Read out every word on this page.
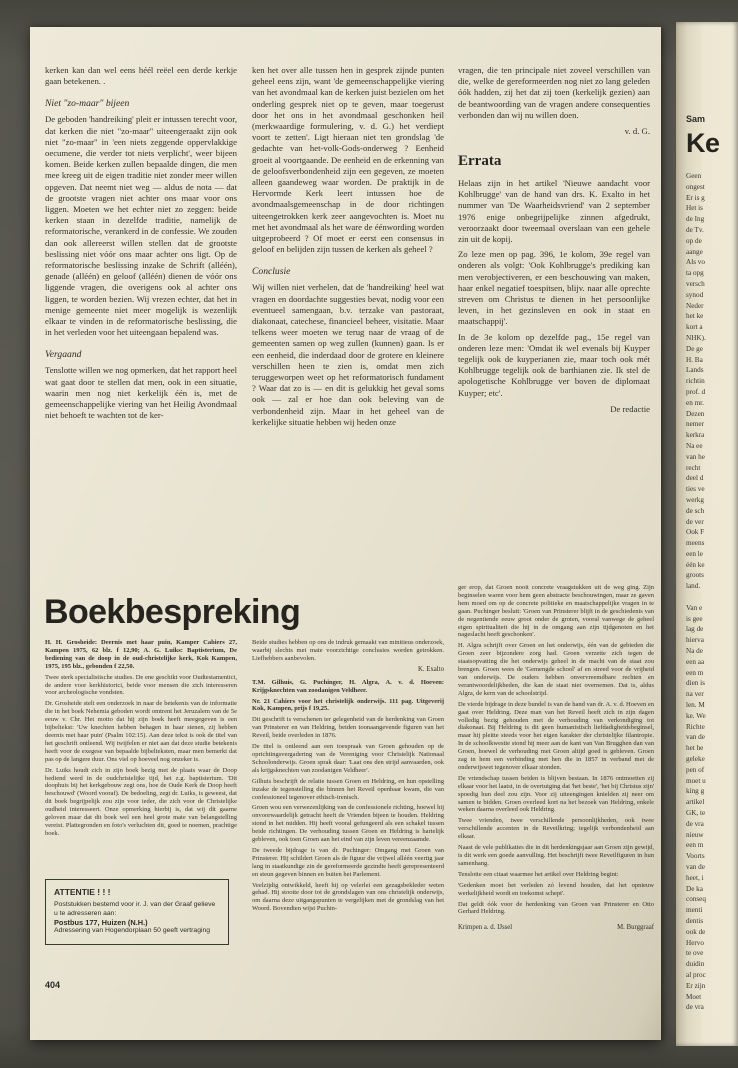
kerken kan dan wel eens héél reëel een derde kerkje gaan betekenen. .

Niet "zo-maar" bijeen

De geboden 'handreiking' pleit er intussen terecht voor, dat kerken die niet "zo-maar" uiteengeraakt zijn ook niet "zo-maar" in 'een niets zeggende oppervlakkige oecumene, die verder tot niets verplicht', weer bijeen komen. Beide kerken zullen bepaalde dingen, die men mee kreeg uit de eigen traditie niet zonder meer willen opgeven. Dat neemt niet weg — aldus de nota — dat de grootste vragen niet achter ons maar voor ons liggen. Moeten we het echter niet zo zeggen: beide kerken staan in dezelfde traditie, namelijk de reformatorische, verankerd in de confessie. We zouden dan ook allereerst willen stellen dat de grootste beslissing niet vóór ons maar achter ons ligt. Op de reformatorische beslissing inzake de Schrift (alléén), genade (alléén) en geloof (alléén) dienen de vóór ons liggende vragen, die overigens ook al achter ons liggen, te worden bezien. Wij vrezen echter, dat het in menige gemeente niet meer mogelijk is wezenlijk elkaar te vinden in de reformatorische beslissing, die in het verleden voor het uiteengaan bepalend was.

Vergaand

Tenslotte willen we nog opmerken, dat het rapport heel wat gaat door te stellen dat men, ook in een situatie, waarin men nog niet kerkelijk één is, met de gemeenschappelijke viering van het Heilig Avondmaal niet behoeft te wachten tot de ker-

ken het over alle tussen hen in gesprek zijnde punten geheel eens zijn, want 'de gemeenschappelijke viering van het avondmaal kan de kerken juist bezielen om het onderling gesprek niet op te geven, maar toegerust door het ons in het avondmaal geschonken heil (merkwaardige formulering, v. d. G.) het verdiept voort te zetten'. Ligt hieraan niet ten grondslag 'de gedachte van het-volk-Gods-onderweg ? Eenheid groeit al voortgaande. De eenheid en de erkenning van de geloofsverbondenheid zijn een gegeven, ze moeten alleen gaandeweg waar worden. De praktijk in de Hervormde Kerk leert intussen hoe de avondmaalsgemeenschap in de door richtingen uiteengetrokken kerk zeer aangevochten is. Moet nu met het avondmaal als het ware de éénwording worden uitgeprobeerd ? Of moet er eerst een consensus in geloof en belijden zijn tussen de kerken als geheel ?

Conclusie

Wij willen niet verhelen, dat de 'handreiking' heel wat vragen en doordachte suggesties bevat, nodig voor een eventueel samengaan, b.v. terzake van pastoraat, diakonaat, catechese, financieel beheer, visitatie. Maar telkens weer moeten we terug naar de vraag of de gemeenten samen op weg zullen (kunnen) gaan. Is er een eenheid, die inderdaad door de grotere en kleinere verschillen heen te zien is, omdat men zich teruggeworpen weet op het reformatorisch fundament ? Waar dat zo is — en dit is gelukkig het geval soms ook — zal er hoe dan ook beleving van de verbondenheid zijn. Maar in het geheel van de kerkelijke situatie hebben wij heden onze

vragen, die ten principale niet zoveel verschillen van die, welke de gereformeerden nog niet zo lang geleden óók hadden, zij het dat zij toen (kerkelijk gezien) aan de beantwoording van de vragen andere consequenties verbonden dan wij nu willen doen.

v. d. G.

Errata

Helaas zijn in het artikel 'Nieuwe aandacht voor Kohlbrugge' van de hand van drs. K. Exalto in het nummer van 'De Waarheidsvriend' van 2 september 1976 enige onbegrijpelijke zinnen afgedrukt, veroorzaakt door tweemaal overslaan van een gehele zin uit de kopij.

Zo leze men op pag. 396, 1e kolom, 39e regel van onderen als volgt: 'Ook Kohlbrugge's prediking kan men verobjectiveren, er een beschouwing van maken, haar enkel negatief toespitsen, blijv. naar alle oprechte streven om Christus te dienen in het persoonlijke leven, in het gezinsleven en ook in staat en maatschappij'.

In de 3e kolom op dezelfde pag., 15e regel van onderen leze men: 'Omdat ik wel evenals bij Kuyper tegelijk ook de kuyperianen zie, maar toch ook mét Kohlbrugge tegelijk ook de barthianen zie. Ik stel de apologetische Kohlbrugge ver boven de diplomaat Kuyper; etc'.

De redactie

Boekbespreking

H. H. Grosheide: Deernis met haar puin, Kamper Cahiers 27, Kampen 1975, 62 blz. f 12,90; A. G. Luiks: Baptisterium, De bediening van de doop in de oud-christelijke kerk, Kok Kampen, 1975, 195 blz., gebonden f 22,50.

Twee sterk specialistische studies. De ene geschikt voor Oudtestamentici, de andere voor kerkhistorici, beide voor mensen die zich interesseren voor archeologische vondsten.

Dr. Grosheide stelt een onderzoek in naar de betekenis van de informatie die in het boek Nehemia geboden wordt omtrent het Jeruzalem van de 5e eeuw v. Chr. Het motto dat hij zijn boek heeft meegegeven is een bijbeltekst: 'Uw knechten hebben behagen in haar stenen, zij hebben deernis met haar puin' (Psalm 102:15). Aan deze tekst is ook de titel van het geschrift ontleend. Wij twijfelen er niet aan dat deze studie betekenis heeft voor de exegese van bepaalde bijbelteksten, maar men bemerkt dat pas op de langere duur. Ons viel op hoeveel nog onzeker is.

Dr. Luiks houdt zich in zijn boek bezig met de plaats waar de Doop bediend werd in de oudchristelijke tijd, het z.g. baptisterium. 'Dit doophuis bij het kerkgebouw zegt ons, hoe de Oude Kerk de Doop heeft beschouwd' (Woord vooraf). De bedoeling, zegt dr. Luiks, is geweest, dat dit boek begrijpelijk zou zijn voor ieder, die zich voor de Christelijke oudheid interesseert. Onze opmerking hierbij is, dat wij dit gaarne geloven maar dat dit boek wel een heel grote mate van belangstelling vereist. Plattegronden en foto's verluchten dit, goed te noemen, prachtige boek.

ATTENTIE ! ! !
Poststukken bestemd voor ir. J. van der Graaf gelieve u te adresseren aan:
Postbus 177, Huizen (N.H.)
Adressering van Hogendorplaan 50 geeft vertraging
404

Beide studies hebben op ons de indruk gemaakt van minitieus onderzoek, waarbij slechts met mate voorzichtige conclusies worden getrokken. Liefhebbers aanbevolen.

K. Exalto

T.M. Gilhuis, G. Puchinger, H. Algra, A. v. d. Hoeven: Krijgsknechten van zoodanigen Veldheer.

Nr. 21 Cahiers voor het christelijk onderwijs. 111 pag. Uitgeverij Kok, Kampen, prijs f 19,25.

Dit geschrift is verschenen ter gelegenheid van de herdenking van Groen van Prinsterer en van Heldring, beiden toonaangevende figuren van het Reveil, beide overleden in 1876.

De titel is ontleend aan een toespraak van Groen gehouden op de oprichtingsvergadering van de Vereniging voor Christelijk Nationaal Schoolonderwijs. Groen sprak daar: 'Laat ons den strijd aanvaarden, ook als krijgsknechten van zoodanigen Veldheer'.

Gilhuis beschrijft de relatie tussen Groen en Heldring, en hun opstelling inzake de tegenstelling die binnen het Reveil openbaar kwam, die van confessioneel tegenover ethisch-irenisch.

Groen wou een verwezenlijking van de confessionele richting, hoewel hij onvoorwaardelijk getracht heeft de Vrienden bijeen te houden. Heldring stond in het midden. Hij heeft vooral gefungeerd als een schakel tussen beide richtingen. De verhouding tussen Groen en Heldring is hartelijk gebleven, ook toen Groen aan het eind van zijn leven vereenzaamde.

De tweede bijdrage is van dr. Puchinger: Omgang met Groen van Prinsterer. Hij schildert Groen als de figuur die vrijwel alléén veertig jaar lang in staatkundige zin de gereformeerde gezindte heeft gerepresenteerd en steun gegeven binnen en buiten het Parlement.

Veelzijdig ontwikkeld, heeft hij op velerlei een gezagsbekleder weten gehad. Hij stootte door tot de grondslagen van ons christelijk onderwijs, om daarna deze uitgangspunten te vergelijken met de grondslag van het Woord. Bovendien wijst Puchin-

ger erop, dat Groen nooit concrete vraagstukken uit de weg ging. Zijn beginselen waren voor hem geen abstracte beschouwingen, maar ze gaven hem moed om op de concrete politieke en maatschappelijke vragen in te gaan. Puchinger besluit: 'Groen van Prinsterer blijft in de geschiedenis van de negentiende eeuw groot onder de groten, vooral vanwege de geheel eigen spiritualiteit die hij in de omgang aan zijn tijdgenoten en het nageslacht heeft geschonken'.

H. Algra schrijft over Groen en het onderwijs, één van de gebieden die Groen zeer bijzondere zorg had. Groen verzette zich tegen de staatsopvatting die het onderwijs geheel in de macht van de staat zou brengen. Groen wees de 'Gemengde school' af en streed voor de vrijheid van onderwijs. De ouders hebben onvervreemdbare rechten en verantwoordelijkheden, die kan de staat niet overnemen. Dat is, aldus Algra, de kern van de schoolstrijd.

De vierde bijdrage in deze bundel is van de hand van dr. A. v. d. Hoeven en gaat over Heldring. Deze man van het Reveil heeft zich in zijn dagen volledig bezig gehouden met de verhouding van verkondiging tot diakonaat. Bij Heldring is dit geen humanistisch liefdadigheidsbeginsel, maar hij pleitte steeds voor het eigen karakter der christelijke filantropie. In de schoolkwestie stond hij meer aan de kant van Van Brugghen dan van Groen, hoewel de verhouding met Groen altijd goed is gebleven. Groen zag in hem een verbinding met hen die in 1857 in verband met de onderwijswet tegenover elkaar stonden.

De vriendschap tussen beiden is blijven bestaan. In 1876 ontmoetten zij elkaar voor het laatst, in de overtuiging dat 'het beste', 'het bij Christus zijn' spoedig hun deel zou zijn. Voor zij uiteengingen knielden zij neer om samen te bidden. Groen overleed kort na het bezoek van Heldring, enkele weken daarna overleed ook Heldring.

Twee vrienden, twee verschillende persoonlijkheden, ook twee verschillende accenten in de Reveilkring; tegelijk verbondenheid aan elkaar.

Naast de vele publikaties die in dit herdenkingsjaar aan Groen zijn gewijd, is dit werk een goede aanvulling. Het beschrijft twee Reveilfiguren in hun samenhang.

Tenslotte een citaat waarmee het artikel over Heldring begint:

'Gedenken moet het verleden zó levend houden, dat het opnieuw werkelijkheid wordt en toekomst schept'.

Dat geldt óók voor de herdenking van Groen van Prinsterer en Otto Gerhard Heldring.

Krimpen a. d. IJssel	M. Burggraaf
Sam
Ke
Geen
ongest
Er is g
Het is
de Ing
de Tv.
op de
aange
Als vo
ta opg
versch
synod
Neder
het ke
kort a
NHK).
De ge
H. Ba
Lands
richtin
prof. d
en mr.
Dezen
nemer
kerkra
Na ee
van he
recht
deel d
ties ve
werkg
de sch
de ver
Ook F
meens
een le
één ke
groots
land.

Van e
is gee
lag de
hierva
Na de
een aa
een m
dien is
na ver
len. M
ke. We
Richte
van de
het he
geleke
pen of
moet u
king g
artikel
GK, te
de vra
nieuw
een m
Voorts
van de
heet, i
De ka
conseq
menti
dentis
ook de
Hervo
te ove
duidin
al proc
Er zijn
Moet
de vra
